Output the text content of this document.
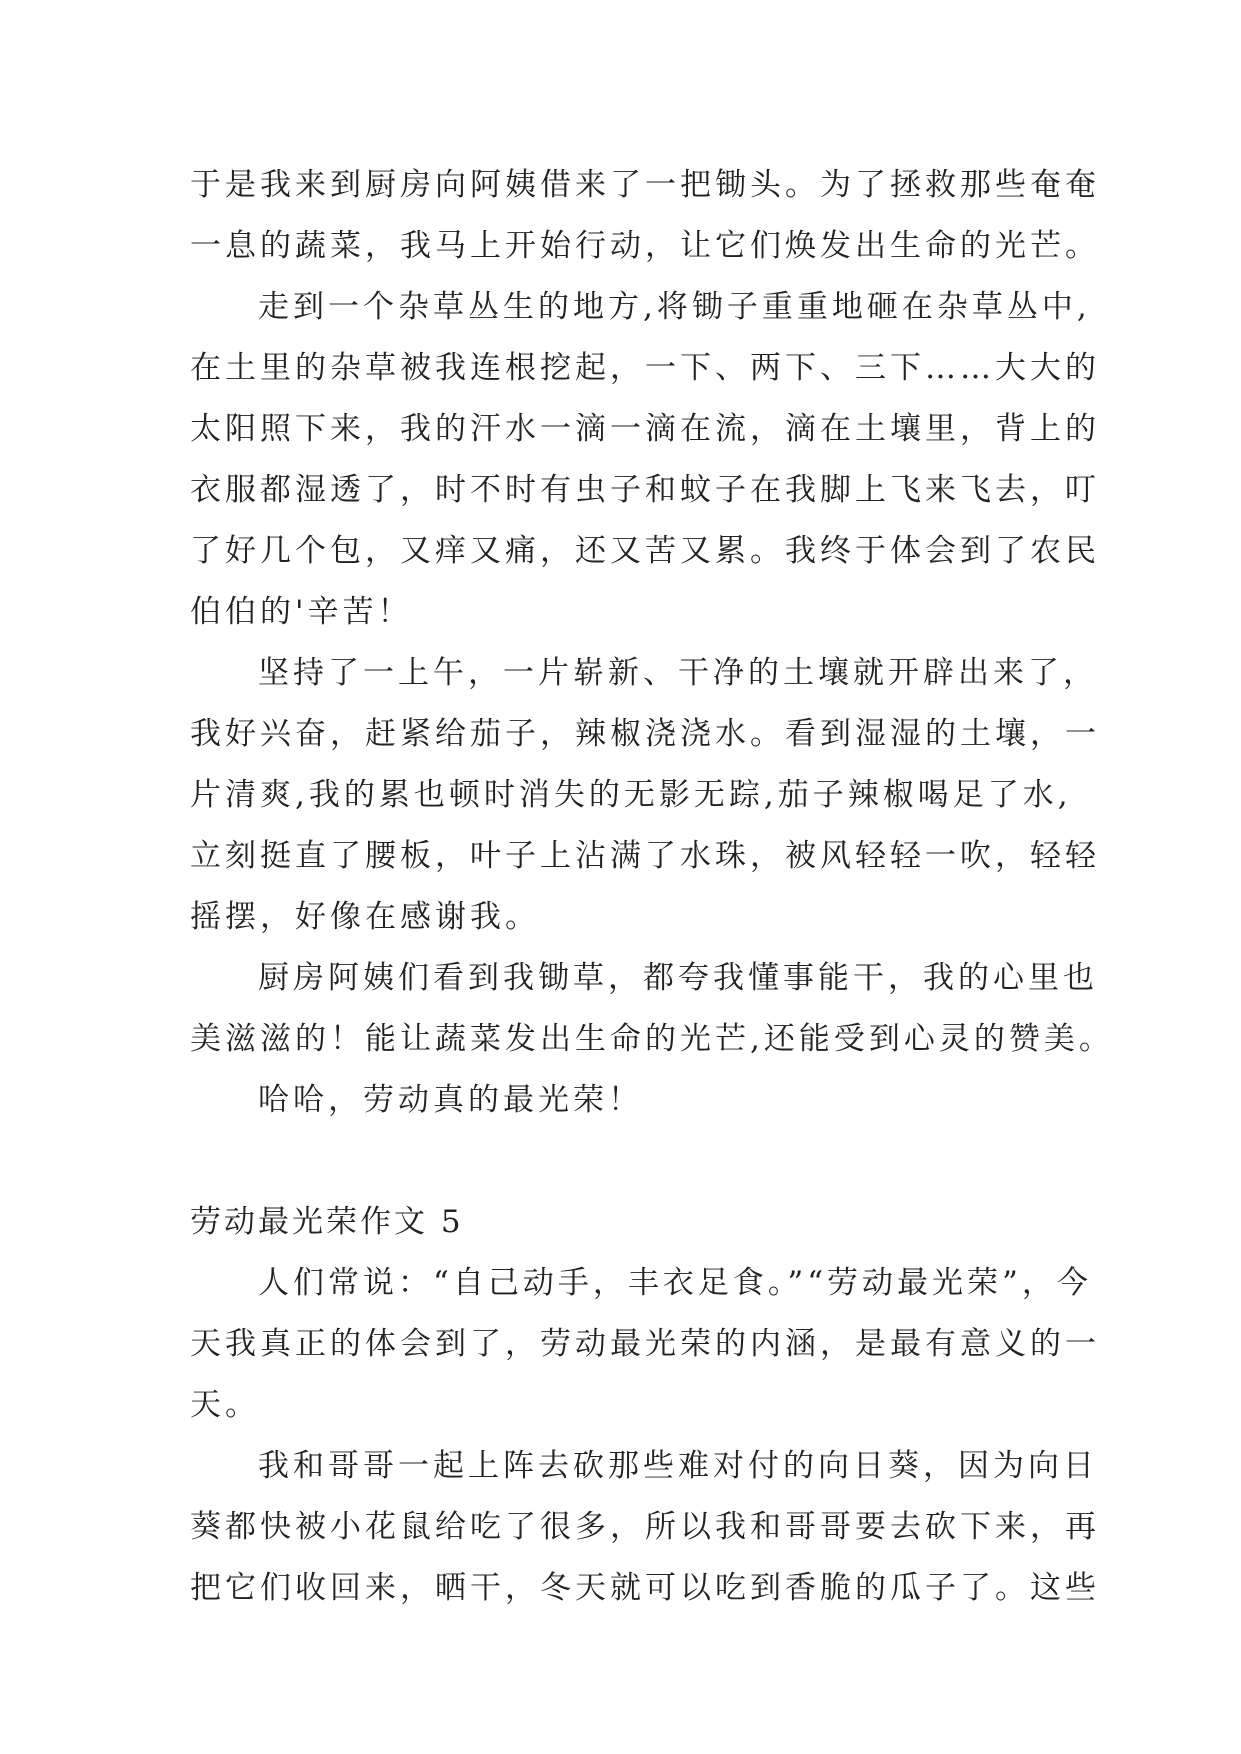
于是我来到厨房向阿姨借来了一把锄头。为了拯救那些奄奄
一息的蔬菜，我马上开始行动，让它们焕发出生命的光芒。
走到一个杂草丛生的地方,将锄子重重地砸在杂草丛中,
在土里的杂草被我连根挖起，一下、两下、三下……大大的
太阳照下来，我的汗水一滴一滴在流，滴在土壤里，背上的
衣服都湿透了，时不时有虫子和蚊子在我脚上飞来飞去，叮
了好几个包，又痒又痛，还又苦又累。我终于体会到了农民
伯伯的'辛苦！
坚持了一上午，一片崭新、干净的土壤就开辟出来了，
我好兴奋，赶紧给茄子，辣椒浇浇水。看到湿湿的土壤，一
片清爽,我的累也顿时消失的无影无踪,茄子辣椒喝足了水,
立刻挺直了腰板，叶子上沾满了水珠，被风轻轻一吹，轻轻
摇摆，好像在感谢我。
厨房阿姨们看到我锄草，都夸我懂事能干，我的心里也
美滋滋的！能让蔬菜发出生命的光芒,还能受到心灵的赞美。
哈哈，劳动真的最光荣！
劳动最光荣作文 5
人们常说：“自己动手，丰衣足食。”“劳动最光荣”，今
天我真正的体会到了，劳动最光荣的内涵，是最有意义的一
天。
我和哥哥一起上阵去砍那些难对付的向日葵，因为向日
葵都快被小花鼠给吃了很多，所以我和哥哥要去砍下来，再
把它们收回来，晒干，冬天就可以吃到香脆的瓜子了。这些
